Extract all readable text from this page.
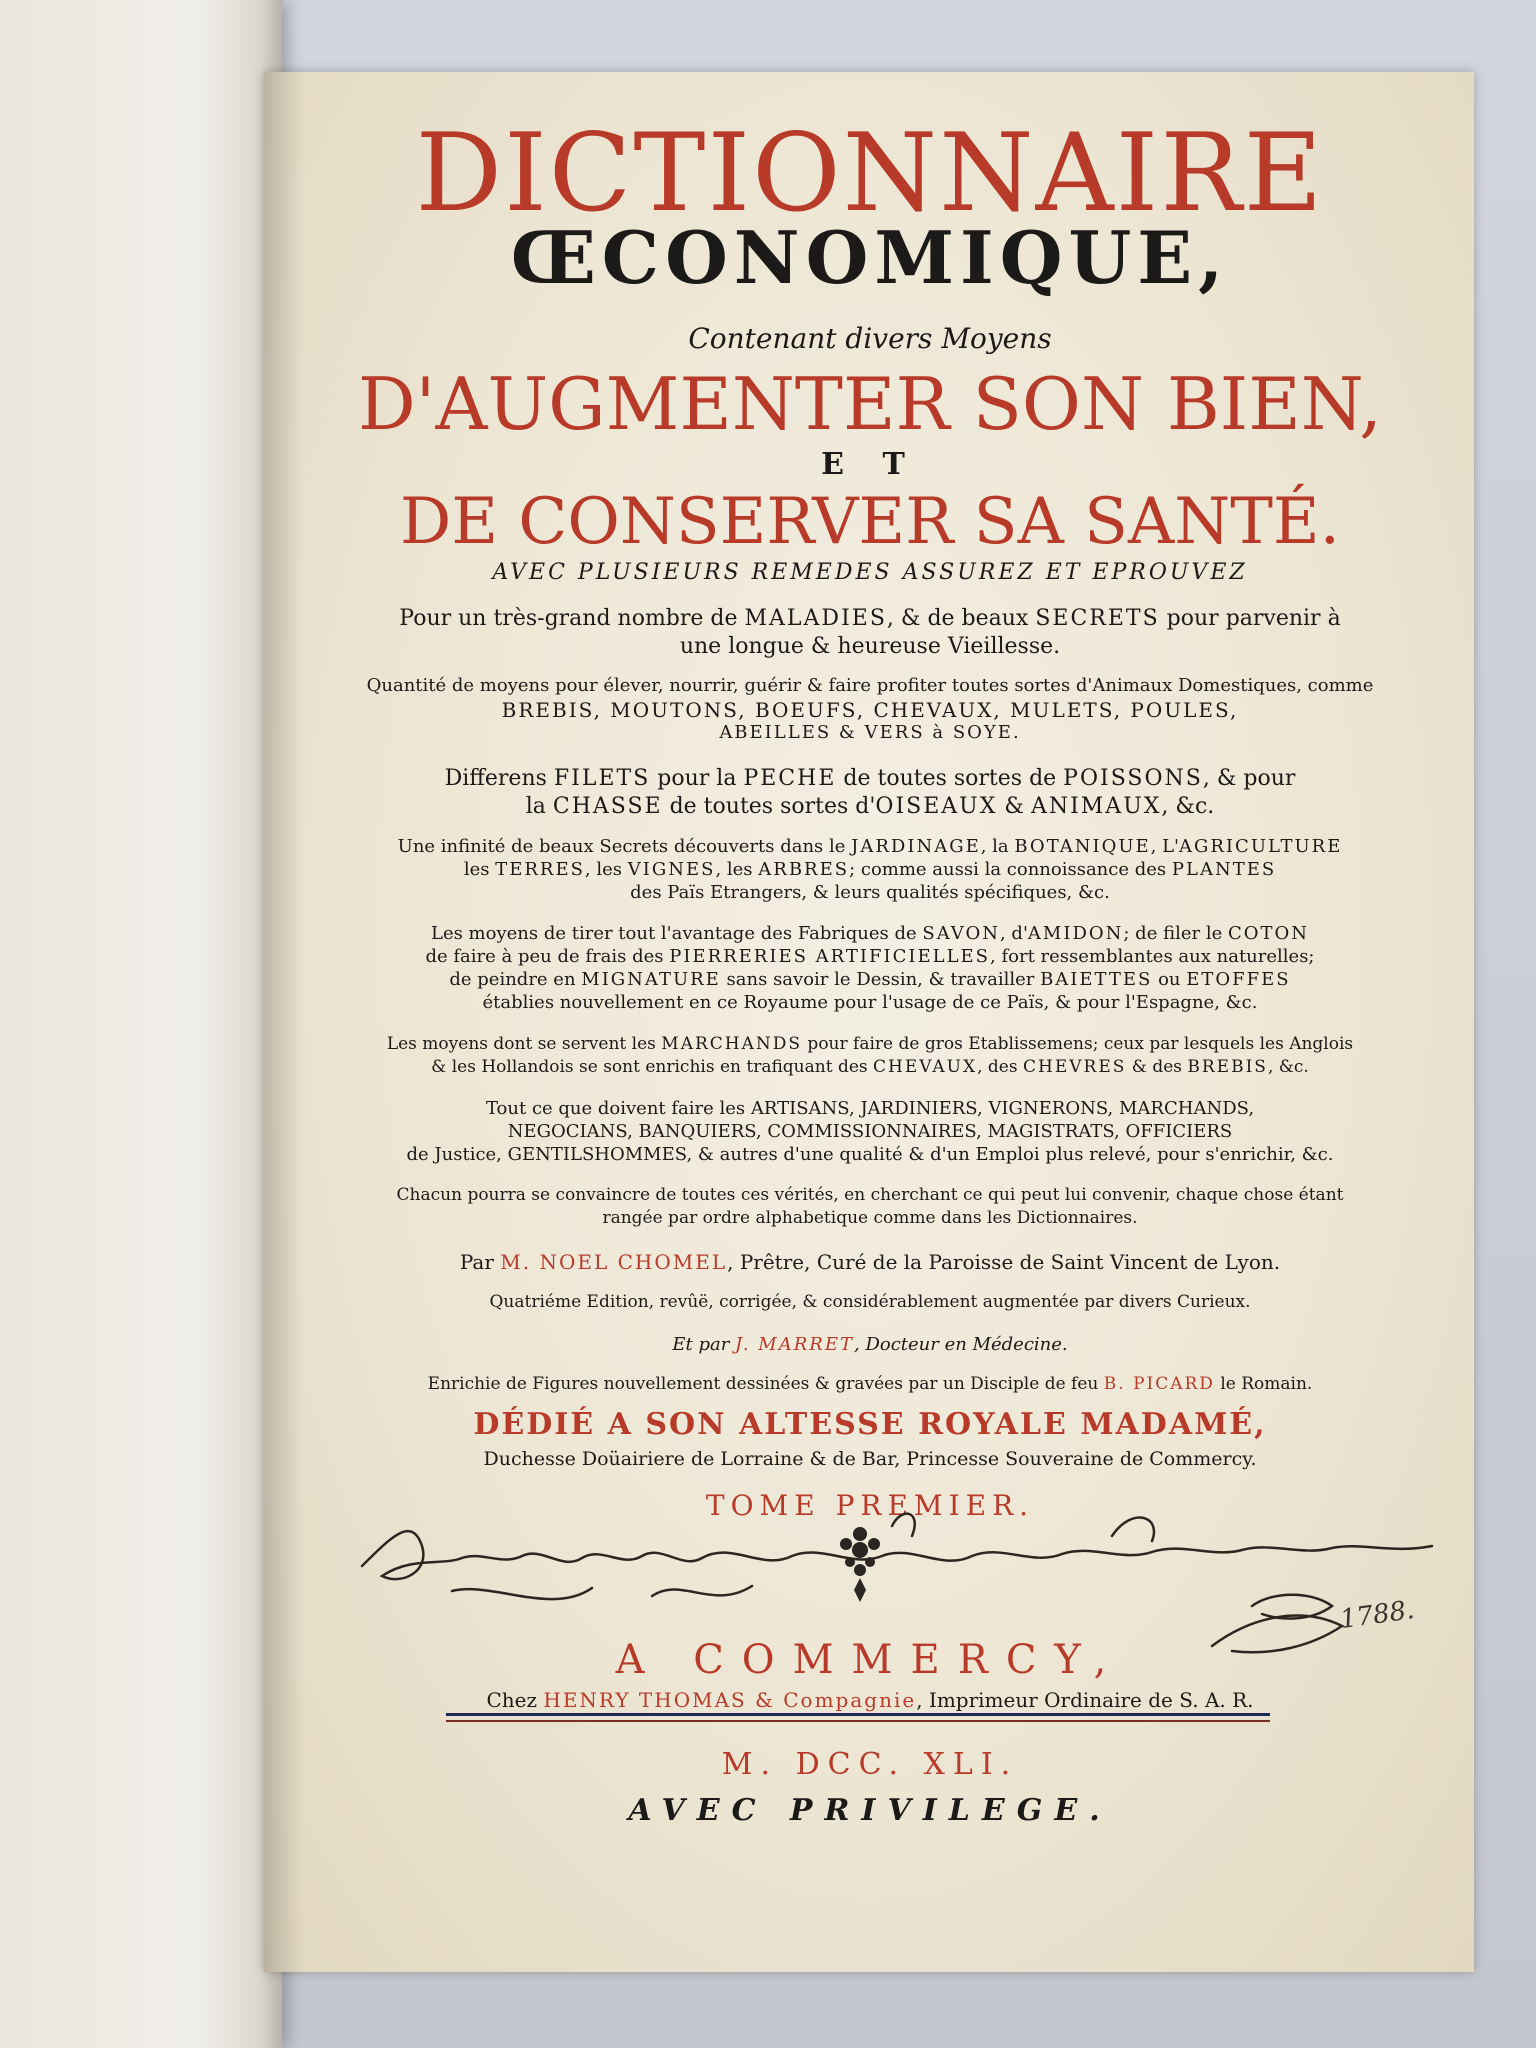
DICTIONNAIRE
ŒCONOMIQUE,
Contenant divers Moyens
D'AUGMENTER SON BIEN,
E T
DE CONSERVER SA SANTÉ.
AVEC PLUSIEURS REMEDES ASSUREZ ET EPROUVEZ
Pour un très-grand nombre de MALADIES, & de beaux SECRETS pour parvenir à
une longue & heureuse Vieillesse.
Quantité de moyens pour élever, nourrir, guérir & faire profiter toutes sortes d'Animaux Domestiques, comme
BREBIS, MOUTONS, BOEUFS, CHEVAUX, MULETS, POULES,
ABEILLES & VERS à SOYE.
Differens FILETS pour la PECHE de toutes sortes de POISSONS, & pour
la CHASSE de toutes sortes d'OISEAUX & ANIMAUX, &c.
Une infinité de beaux Secrets découverts dans le JARDINAGE, la BOTANIQUE, L'AGRICULTURE
les TERRES, les VIGNES, les ARBRES; comme aussi la connoissance des PLANTES
des Païs Etrangers, & leurs qualités spécifiques, &c.
Les moyens de tirer tout l'avantage des Fabriques de SAVON, d'AMIDON; de filer le COTON
de faire à peu de frais des PIERRERIES ARTIFICIELLES, fort ressemblantes aux naturelles;
de peindre en MIGNATURE sans savoir le Dessin, & travailler BAIETTES ou ETOFFES
établies nouvellement en ce Royaume pour l'usage de ce Païs, & pour l'Espagne, &c.
Les moyens dont se servent les MARCHANDS pour faire de gros Etablissemens; ceux par lesquels les Anglois
& les Hollandois se sont enrichis en trafiquant des CHEVAUX, des CHEVRES & des BREBIS, &c.
Tout ce que doivent faire les ARTISANS, JARDINIERS, VIGNERONS, MARCHANDS,
NEGOCIANS, BANQUIERS, COMMISSIONNAIRES, MAGISTRATS, OFFICIERS
de Justice, GENTILSHOMMES, & autres d'une qualité & d'un Emploi plus relevé, pour s'enrichir, &c.
Chacun pourra se convaincre de toutes ces vérités, en cherchant ce qui peut lui convenir, chaque chose étant
rangée par ordre alphabetique comme dans les Dictionnaires.
Par M. NOEL CHOMEL, Prêtre, Curé de la Paroisse de Saint Vincent de Lyon.
Quatriéme Edition, revûë, corrigée, & considérablement augmentée par divers Curieux.
Et par J. MARRET, Docteur en Médecine.
Enrichie de Figures nouvellement dessinées & gravées par un Disciple de feu B. PICARD le Romain.
DÉDIÉ A SON ALTESSE ROYALE MADAMÉ,
Duchesse Doüairiere de Lorraine & de Bar, Princesse Souveraine de Commercy.
TOME PREMIER.
A COMMERCY,
Chez HENRY THOMAS & Compagnie, Imprimeur Ordinaire de S. A. R.
M. DCC. XLI.
AVEC PRIVILEGE.
1788.
